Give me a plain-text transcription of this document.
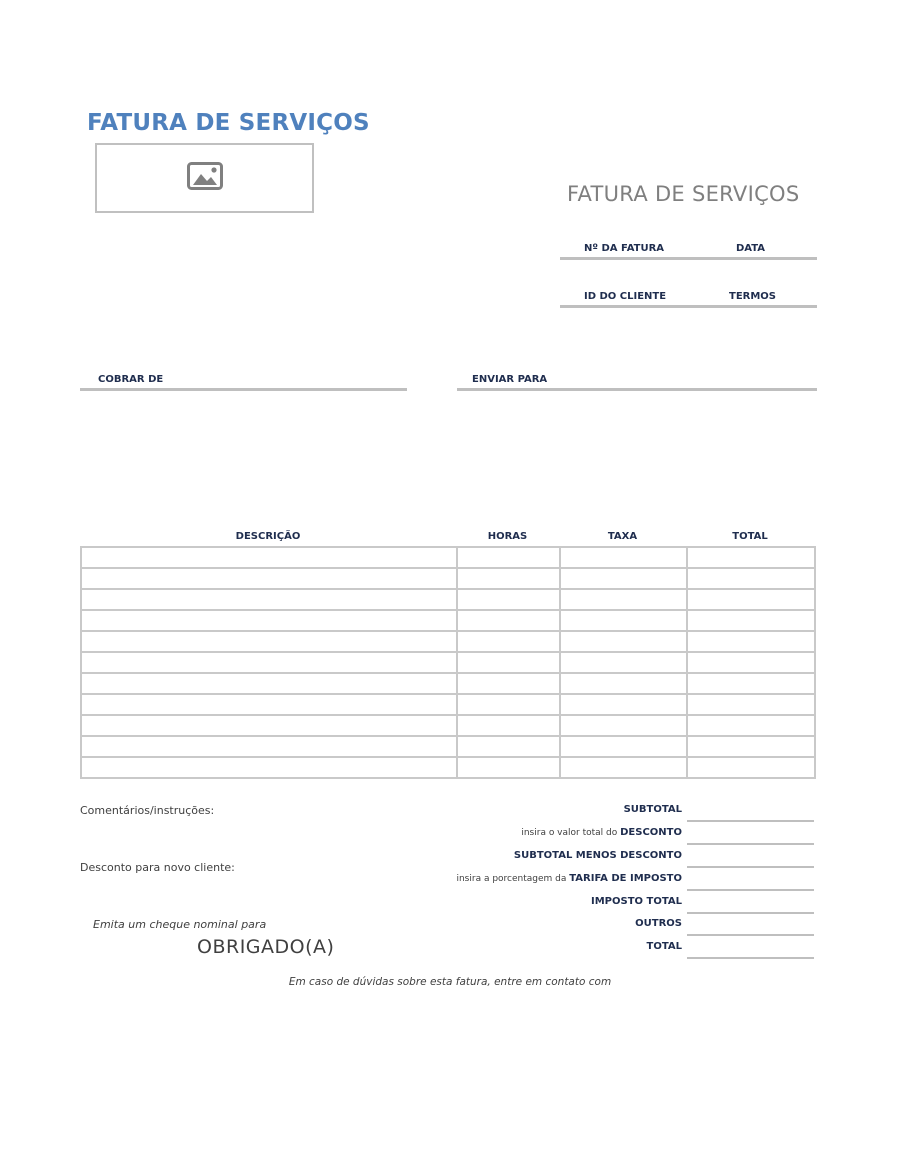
FATURA DE SERVIÇOS
FATURA DE SERVIÇOS
Nº DA FATURA	DATA
ID DO CLIENTE	TERMOS
COBRAR DE	ENVIAR PARA
DESCRIÇÃO	HORAS	TAXA	TOTAL

Comentários/instruções:
Desconto para novo cliente:
Emita um cheque nominal para
OBRIGADO(A)
Em caso de dúvidas sobre esta fatura, entre em contato com
SUBTOTAL
insira o valor total do DESCONTO
SUBTOTAL MENOS DESCONTO
insira a porcentagem da TARIFA DE IMPOSTO
IMPOSTO TOTAL
OUTROS
TOTAL
